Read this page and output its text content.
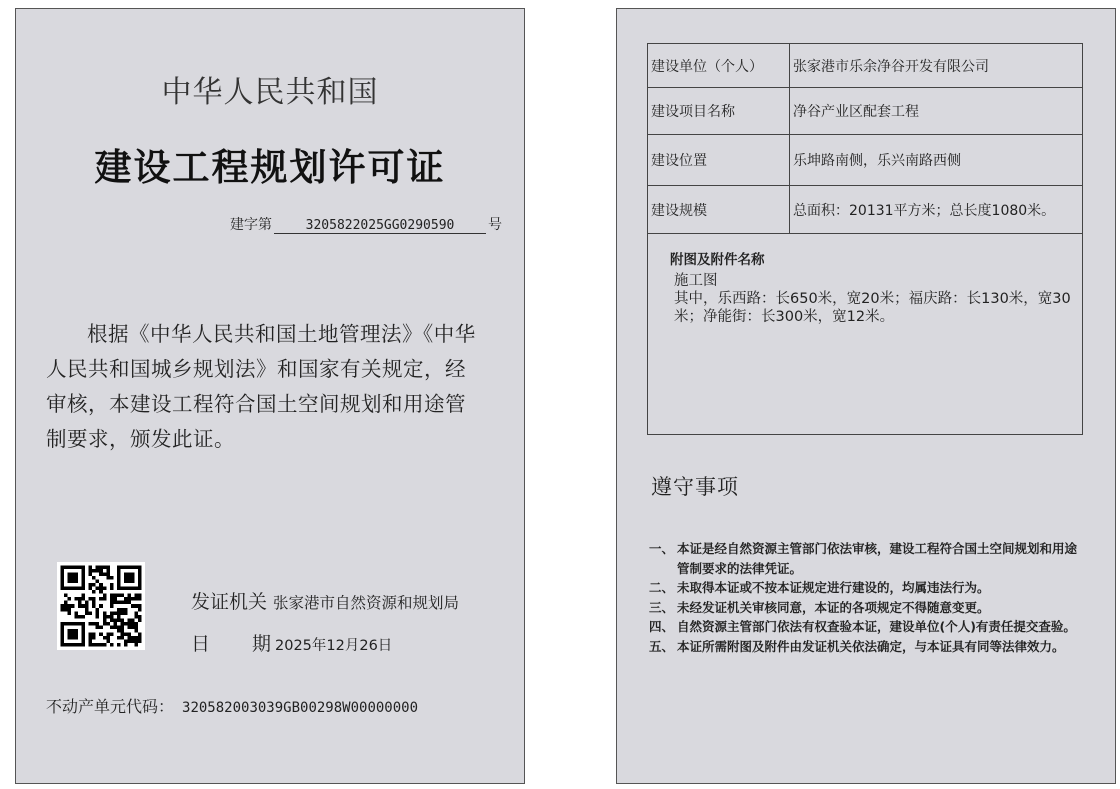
中华人民共和国
建设工程规划许可证
建字第	3205822025GG0290590	号
根据《中华人民共和国土地管理法》《中华人民共和国城乡规划法》和国家有关规定，经审核，本建设工程符合国土空间规划和用途管制要求，颁发此证。
发证机关 张家港市自然资源和规划局
日 期 2025年12月26日
不动产单元代码： 320582003039GB00298W00000000
建设单位（个人）	张家港市乐余净谷开发有限公司
建设项目名称	净谷产业区配套工程
建设位置	乐坤路南侧，乐兴南路西侧
建设规模	总面积：20131平方米；总长度1080米。

附图及附件名称
施工图
其中，乐西路：长650米，宽20米；福庆路：长130米，宽30米；净能街：长300米，宽12米。	
遵守事项
一、 本证是经自然资源主管部门依法审核，建设工程符合国土空间规划和用途管制要求的法律凭证。
二、 未取得本证或不按本证规定进行建设的，均属违法行为。
三、 未经发证机关审核同意，本证的各项规定不得随意变更。
四、 自然资源主管部门依法有权查验本证，建设单位(个人)有责任提交查验。
五、 本证所需附图及附件由发证机关依法确定，与本证具有同等法律效力。
